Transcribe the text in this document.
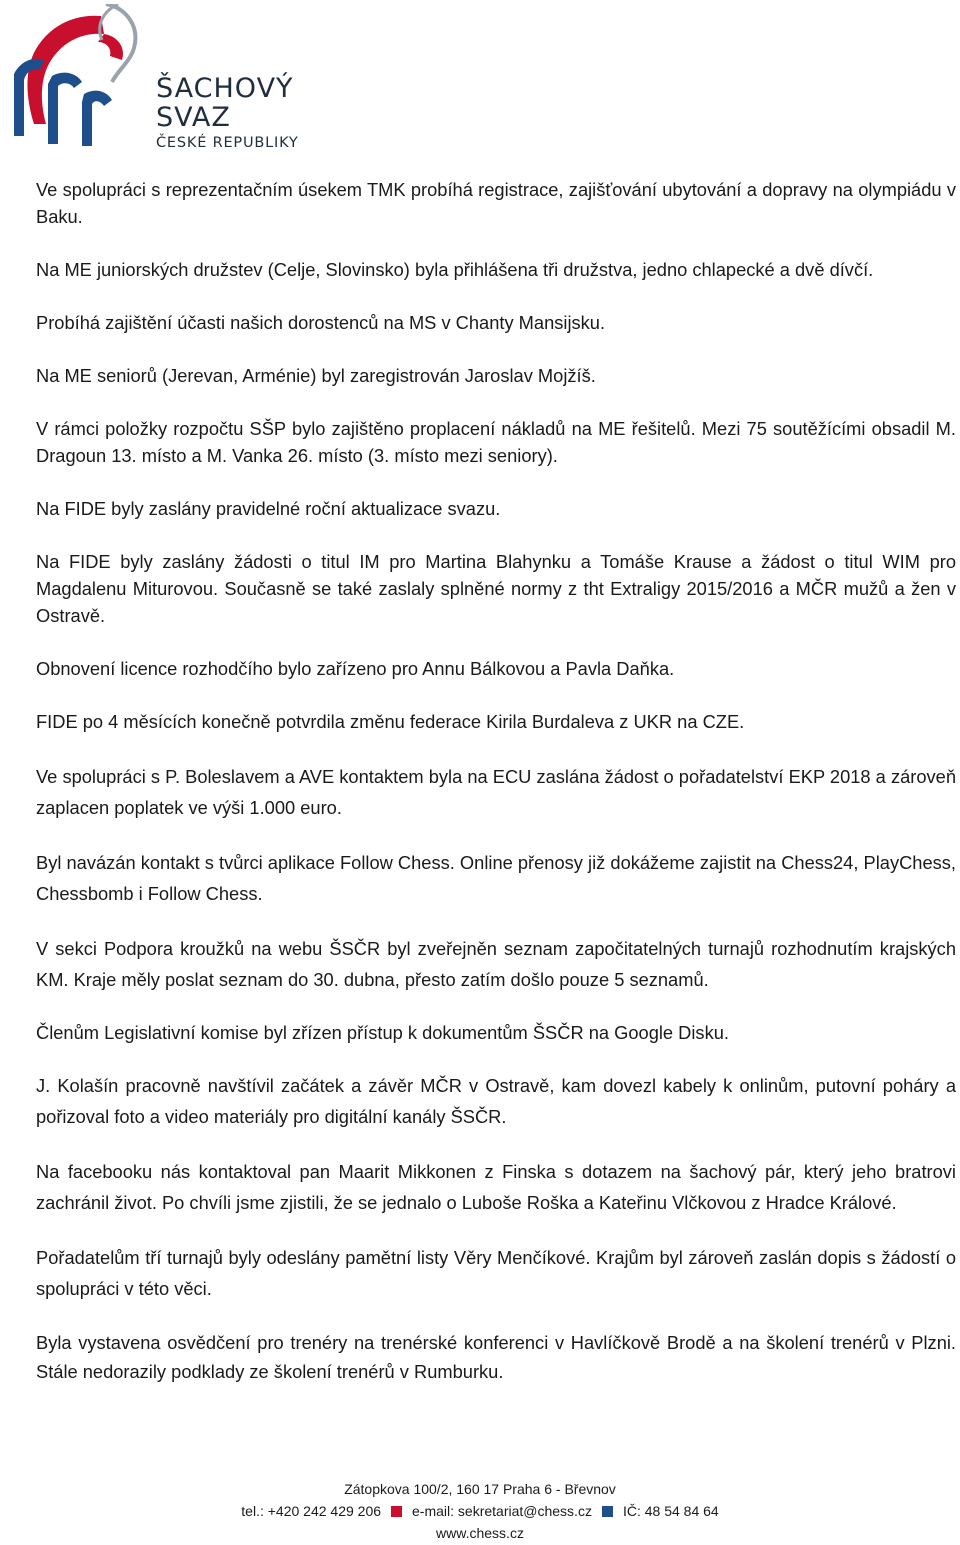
ŠACHOVÝ
SVAZ
ČESKÉ REPUBLIKY

Ve spolupráci s reprezentačním úsekem TMK probíhá registrace, zajišťování ubytování a dopravy na olympiádu v Baku.

Na ME juniorských družstev (Celje, Slovinsko) byla přihlášena tři družstva, jedno chlapecké a dvě dívčí.

Probíhá zajištění účasti našich dorostenců na MS v Chanty Mansijsku.

Na ME seniorů (Jerevan, Arménie) byl zaregistrován Jaroslav Mojžíš.

V rámci položky rozpočtu SŠP bylo zajištěno proplacení nákladů na ME řešitelů. Mezi 75 soutěžícími obsadil M. Dragoun 13. místo a M. Vanka 26. místo (3. místo mezi seniory).

Na FIDE byly zaslány pravidelné roční aktualizace svazu.

Na FIDE byly zaslány žádosti o titul IM pro Martina Blahynku a Tomáše Krause a žádost o titul WIM pro Magdalenu Miturovou. Současně se také zaslaly splněné normy z tht Extraligy 2015/2016 a MČR mužů a žen v Ostravě.

Obnovení licence rozhodčího bylo zařízeno pro Annu Bálkovou a Pavla Daňka.

FIDE po 4 měsících konečně potvrdila změnu federace Kirila Burdaleva z UKR na CZE.

Ve spolupráci s P. Boleslavem a AVE kontaktem byla na ECU zaslána žádost o pořadatelství EKP 2018 a zároveň zaplacen poplatek ve výši 1.000 euro.

Byl navázán kontakt s tvůrci aplikace Follow Chess. Online přenosy již dokážeme zajistit na Chess24, PlayChess, Chessbomb i Follow Chess.

V sekci Podpora kroužků na webu ŠSČR byl zveřejněn seznam započitatelných turnajů rozhodnutím krajských KM. Kraje měly poslat seznam do 30. dubna, přesto zatím došlo pouze 5 seznamů.

Členům Legislativní komise byl zřízen přístup k dokumentům ŠSČR na Google Disku.

J. Kolašín pracovně navštívil začátek a závěr MČR v Ostravě, kam dovezl kabely k onlinům, putovní poháry a pořizoval foto a video materiály pro digitální kanály ŠSČR.

Na facebooku nás kontaktoval pan Maarit Mikkonen z Finska s dotazem na šachový pár, který jeho bratrovi zachránil život. Po chvíli jsme zjistili, že se jednalo o Luboše Roška a Kateřinu Vlčkovou z Hradce Králové.

Pořadatelům tří turnajů byly odeslány pamětní listy Věry Menčíkové. Krajům byl zároveň zaslán dopis s žádostí o spolupráci v této věci.

Byla vystavena osvědčení pro trenéry na trenérské konferenci v Havlíčkově Brodě a na školení trenérů v Plzni. Stále nedorazily podklady ze školení trenérů v Rumburku.

Zátopkova 100/2, 160 17 Praha 6 - Břevnov
tel.: +420 242 429 206 e-mail: sekretariat@chess.cz IČ: 48 54 84 64
www.chess.cz
